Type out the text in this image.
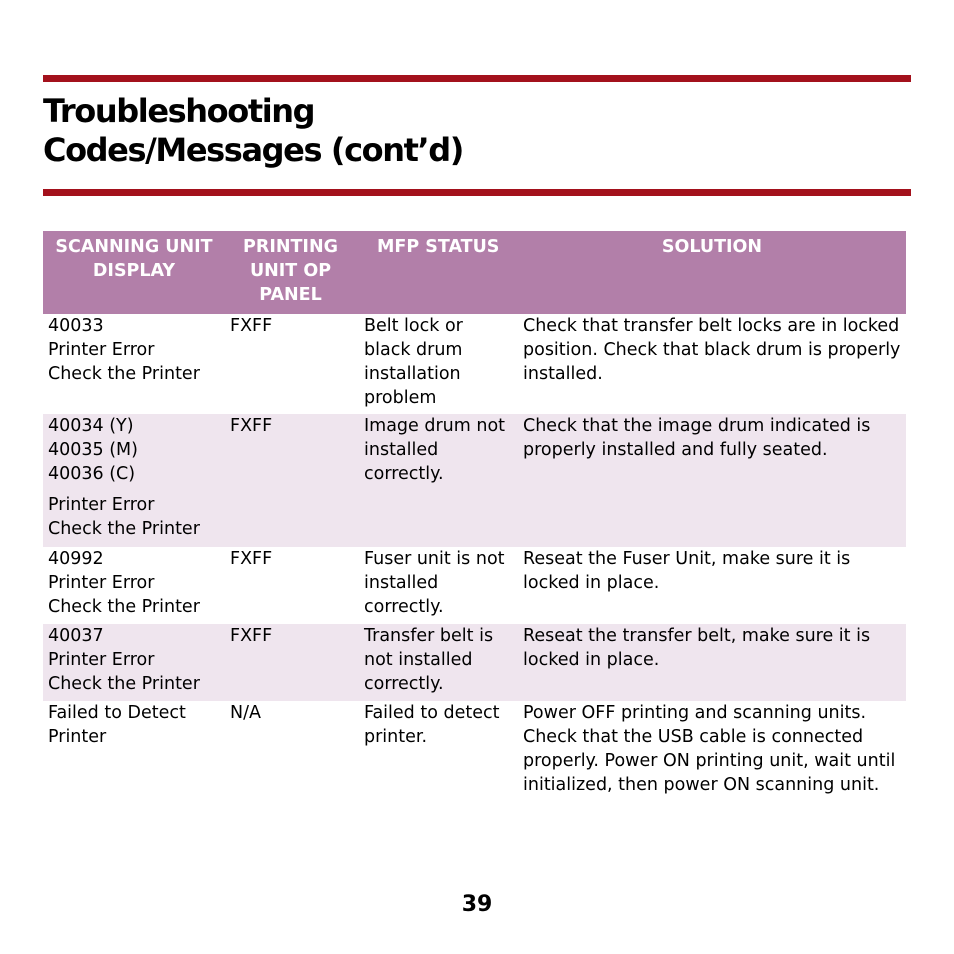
Troubleshooting
Codes/Messages (cont’d)
SCANNING UNIT DISPLAY	PRINTING UNIT OP PANEL	MFP STATUS	SOLUTION

40033
Printer Error
Check the Printer	FXFF	Belt lock or black drum installation problem	Check that transfer belt locks are in locked position. Check that black drum is properly installed.

40034 (Y)
40035 (M)
40036 (C)
Printer Error
Check the Printer	FXFF	Image drum not installed correctly.	Check that the image drum indicated is properly installed and fully seated.

40992
Printer Error
Check the Printer	FXFF	Fuser unit is not installed correctly.	Reseat the Fuser Unit, make sure it is locked in place.

40037
Printer Error
Check the Printer	FXFF	Transfer belt is not installed correctly.	Reseat the transfer belt, make sure it is locked in place.

Failed to Detect
Printer	N/A	Failed to detect printer.	Power OFF printing and scanning units. Check that the USB cable is connected properly. Power ON printing unit, wait until initialized, then power ON scanning unit.
39
